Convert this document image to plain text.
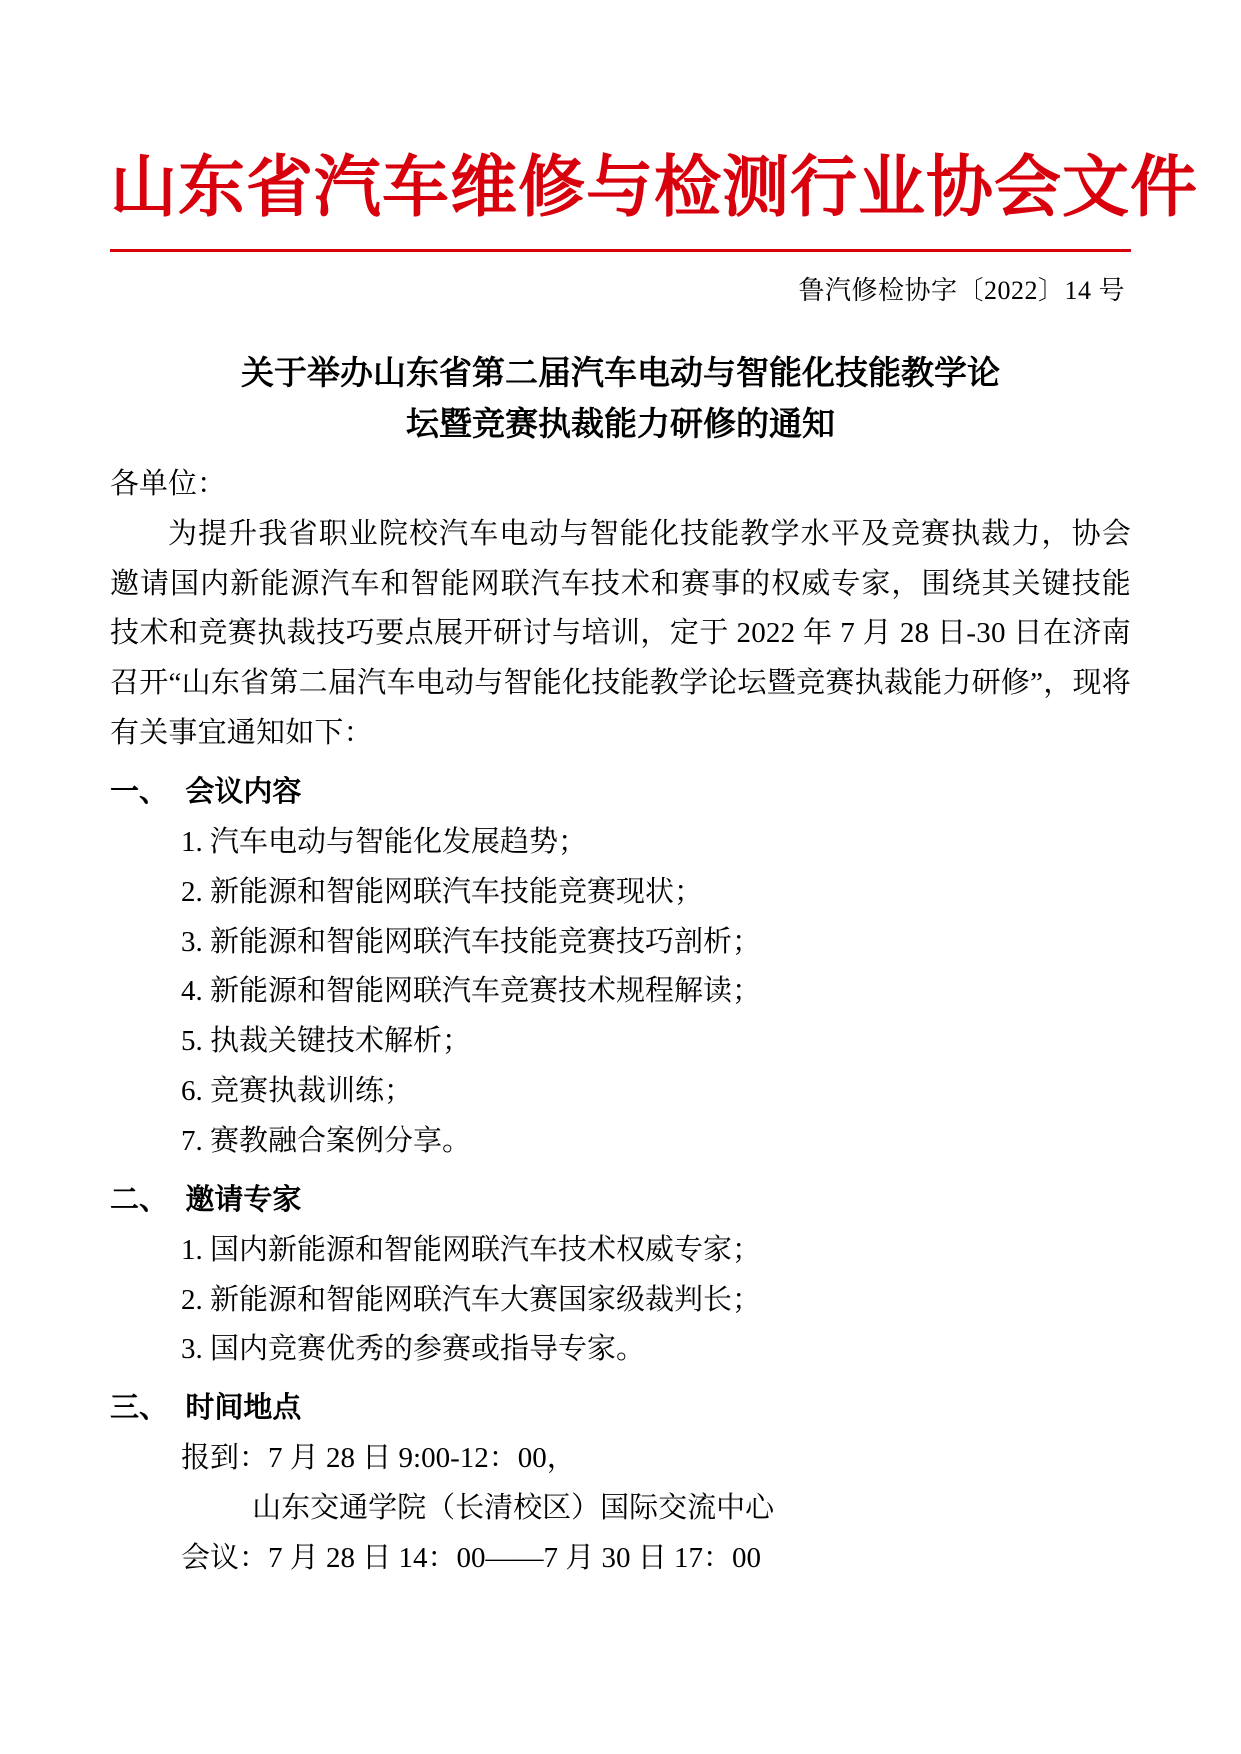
山东省汽车维修与检测行业协会文件
鲁汽修检协字〔2022〕14 号
关于举办山东省第二届汽车电动与智能化技能教学论
坛暨竞赛执裁能力研修的通知
各单位：
为提升我省职业院校汽车电动与智能化技能教学水平及竞赛执裁力，协会邀请国内新能源汽车和智能网联汽车技术和赛事的权威专家，围绕其关键技能技术和竞赛执裁技巧要点展开研讨与培训，定于 2022 年 7 月 28 日-30 日在济南召开“山东省第二届汽车电动与智能化技能教学论坛暨竞赛执裁能力研修”，现将有关事宜通知如下：
一、 会议内容
1. 汽车电动与智能化发展趋势；
2. 新能源和智能网联汽车技能竞赛现状；
3. 新能源和智能网联汽车技能竞赛技巧剖析；
4. 新能源和智能网联汽车竞赛技术规程解读；
5. 执裁关键技术解析；
6. 竞赛执裁训练；
7. 赛教融合案例分享。
二、 邀请专家
1. 国内新能源和智能网联汽车技术权威专家；
2. 新能源和智能网联汽车大赛国家级裁判长；
3. 国内竞赛优秀的参赛或指导专家。
三、 时间地点
报到：7 月 28 日 9:00-12：00，
山东交通学院（长清校区）国际交流中心
会议：7 月 28 日 14：00——7 月 30 日 17：00
